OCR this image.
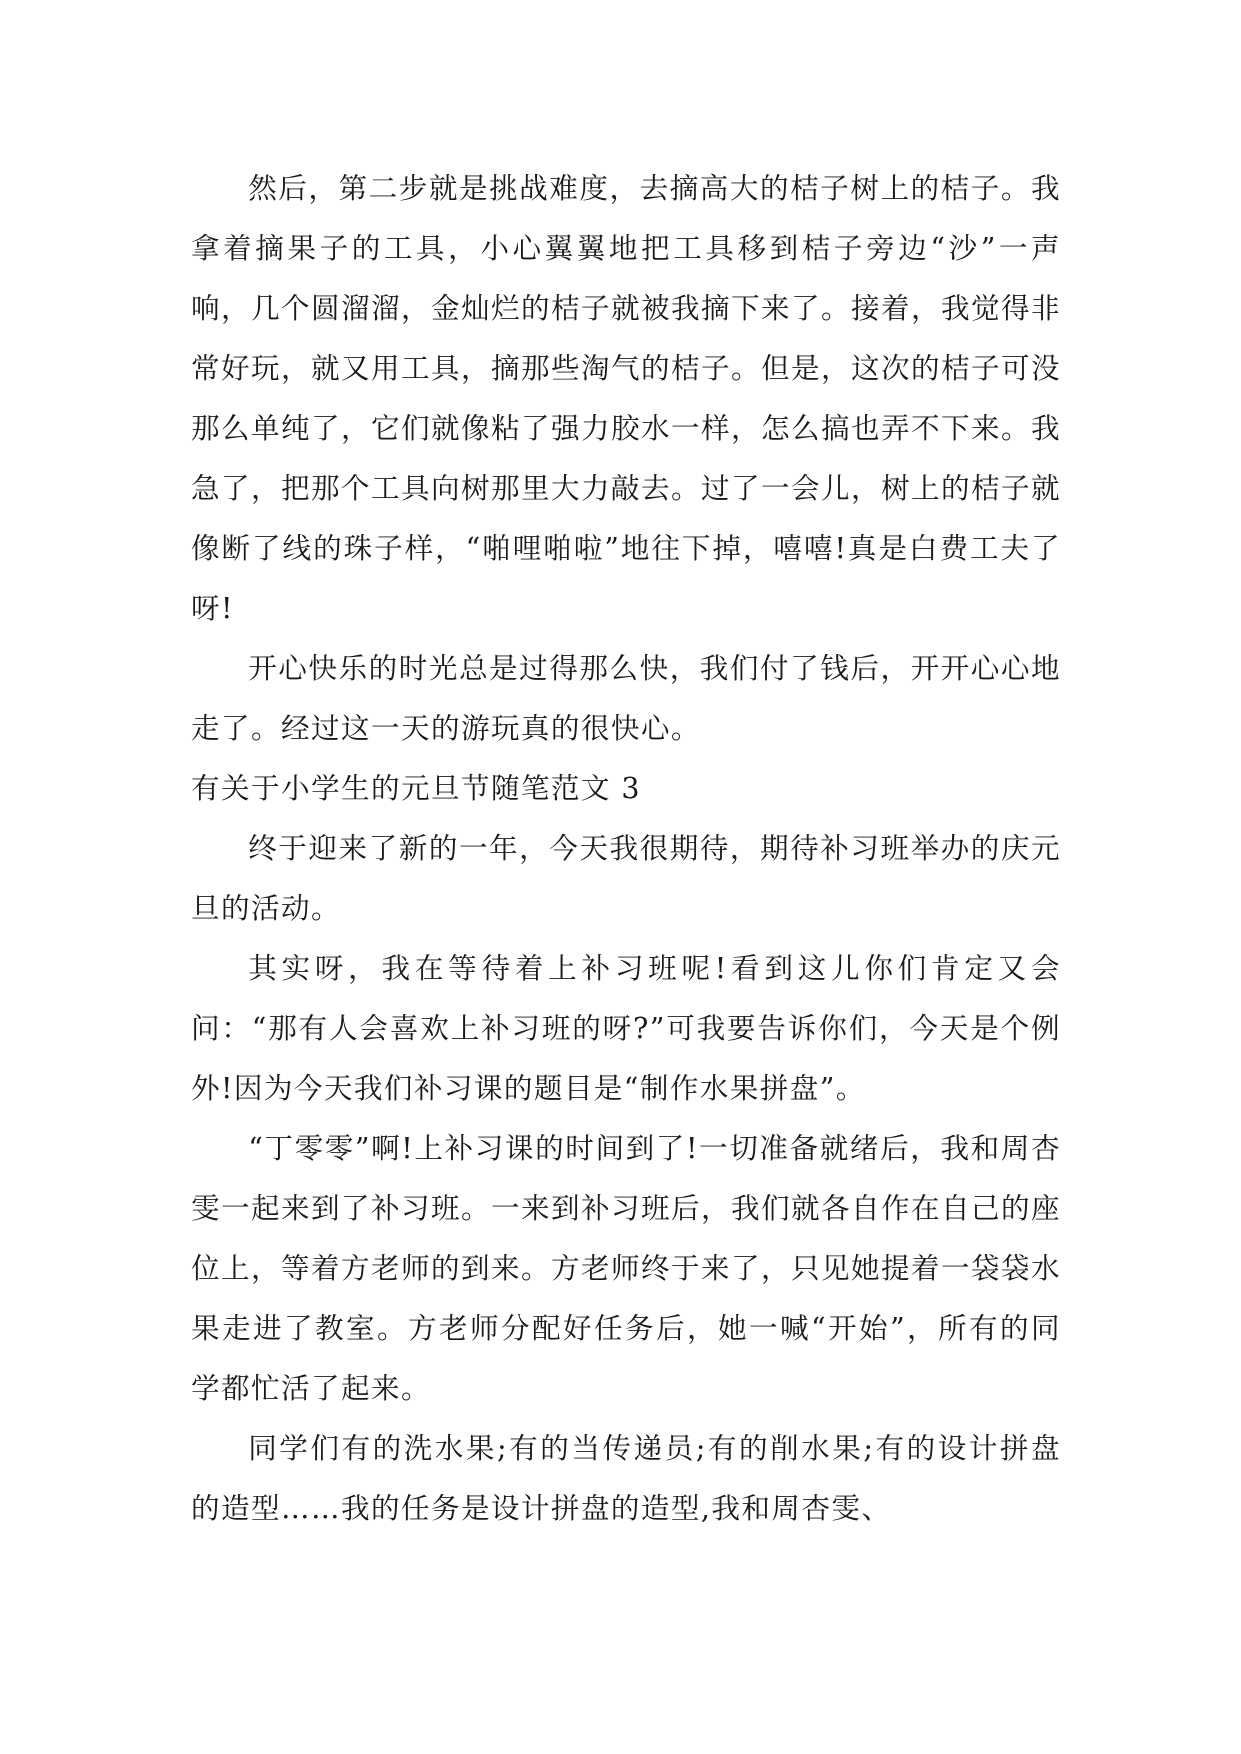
然后，第二步就是挑战难度，去摘高大的桔子树上的桔子。我拿着摘果子的工具，小心翼翼地把工具移到桔子旁边“沙”一声响，几个圆溜溜，金灿烂的桔子就被我摘下来了。接着，我觉得非常好玩，就又用工具，摘那些淘气的桔子。但是，这次的桔子可没那么单纯了，它们就像粘了强力胶水一样，怎么搞也弄不下来。我急了，把那个工具向树那里大力敲去。过了一会儿，树上的桔子就像断了线的珠子样，“啪哩啪啦”地往下掉，嘻嘻!真是白费工夫了呀!

开心快乐的时光总是过得那么快，我们付了钱后，开开心心地走了。经过这一天的游玩真的很快心。

有关于小学生的元旦节随笔范文 3

终于迎来了新的一年，今天我很期待，期待补习班举办的庆元旦的活动。

其实呀，我在等待着上补习班呢!看到这儿你们肯定又会问：“那有人会喜欢上补习班的呀?”可我要告诉你们，今天是个例外!因为今天我们补习课的题目是“制作水果拼盘”。

“丁零零”啊!上补习课的时间到了!一切准备就绪后，我和周杏雯一起来到了补习班。一来到补习班后，我们就各自作在自己的座位上，等着方老师的到来。方老师终于来了，只见她提着一袋袋水果走进了教室。方老师分配好任务后，她一喊“开始”，所有的同学都忙活了起来。

同学们有的洗水果;有的当传递员;有的削水果;有的设计拼盘的造型……我的任务是设计拼盘的造型,我和周杏雯、
